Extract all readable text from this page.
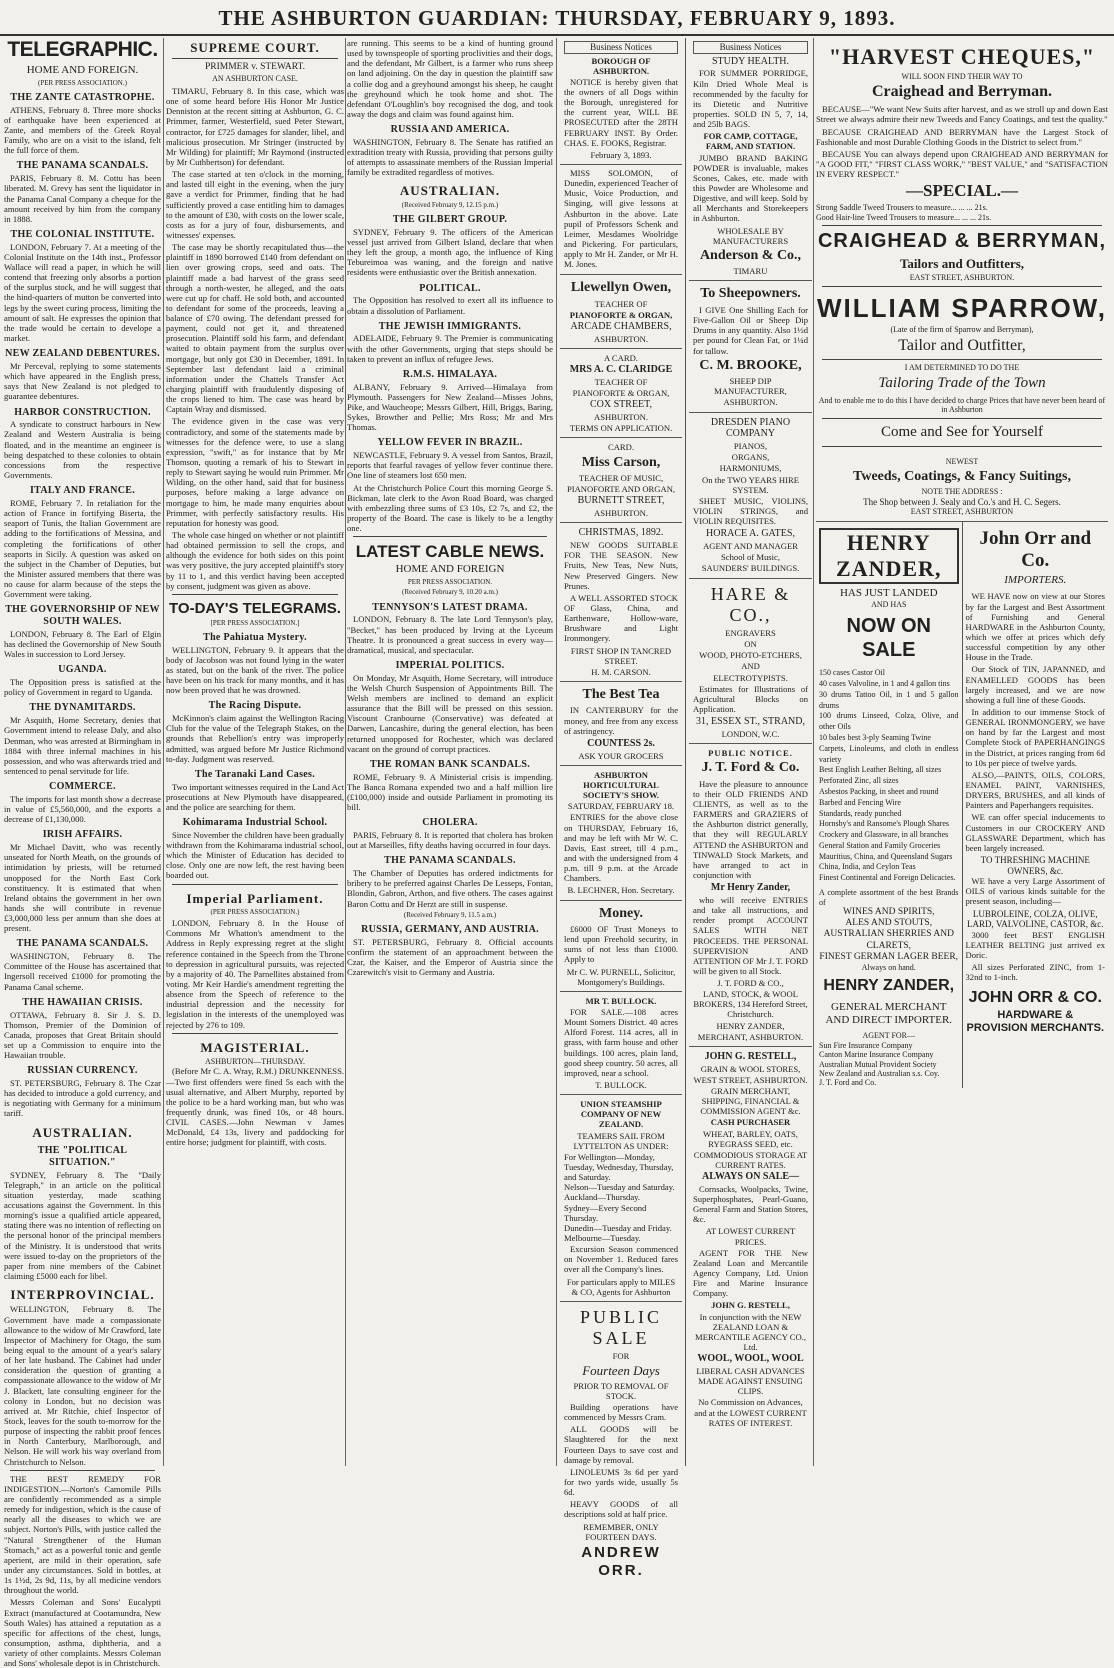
THE ASHBURTON GUARDIAN: THURSDAY, FEBRUARY 9, 1893.
TELEGRAPHIC.
HOME AND FOREIGN.
(PER PRESS ASSOCIATION.)
THE ZANTE CATASTROPHE.

ATHENS, February 8. Three more shocks of earthquake have been experienced at Zante, and members of the Greek Royal Family, who are on a visit to the island, felt the full force of them.

THE PANAMA SCANDALS.

PARIS, February 8. M. Cottu has been liberated. M. Grevy has sent the liquidator in the Panama Canal Company a cheque for the amount received by him from the company in 1888.

THE COLONIAL INSTITUTE.

LONDON, February 7. At a meeting of the Colonial Institute on the 14th inst., Professor Wallace will read a paper, in which he will contend that freezing only absorbs a portion of the surplus stock, and he will suggest that the hind-quarters of mutton be converted into legs by the sweet curing process, limiting the amount of salt. He expresses the opinion that the trade would be certain to develope a market.

NEW ZEALAND DEBENTURES.

Mr Perceval, replying to some statements which have appeared in the English press, says that New Zealand is not pledged to guarantee debentures.

HARBOR CONSTRUCTION.

A syndicate to construct harbours in New Zealand and Western Australia is being floated, and in the meantime an engineer is being despatched to these colonies to obtain concessions from the respective Governments.

ITALY AND FRANCE.

ROME, February 7. In retaliation for the action of France in fortifying Biserta, the seaport of Tunis, the Italian Government are adding to the fortifications of Messina, and completing the fortifications of other seaports in Sicily. A question was asked on the subject in the Chamber of Deputies, but the Minister assured members that there was no cause for alarm because of the steps the Government were taking.

THE GOVERNORSHIP OF NEW SOUTH WALES.

LONDON, February 8. The Earl of Elgin has declined the Governorship of New South Wales in succession to Lord Jersey.

UGANDA.

The Opposition press is satisfied at the policy of Government in regard to Uganda.

THE DYNAMITARDS.

Mr Asquith, Home Secretary, denies that Government intend to release Daly, and also Denman, who was arrested at Birmingham in 1884 with three infernal machines in his possession, and who was afterwards tried and sentenced to penal servitude for life.

COMMERCE.

The imports for last month show a decrease in value of £5,560,000, and the exports a decrease of £1,130,000.

IRISH AFFAIRS.

Mr Michael Davitt, who was recently unseated for North Meath, on the grounds of intimidation by priests, will be returned unopposed for the North East Cork constituency. It is estimated that when Ireland obtains the government in her own hands she will contribute in revenue £3,000,000 less per annum than she does at present.

THE PANAMA SCANDALS.

WASHINGTON, February 8. The Committee of the House has ascertained that Ingersoll received £1000 for promoting the Panama Canal scheme.

THE HAWAIIAN CRISIS.

OTTAWA, February 8. Sir J. S. D. Thomson, Premier of the Dominion of Canada, proposes that Great Britain should set up a Commission to enquire into the Hawaiian trouble.

RUSSIAN CURRENCY.

ST. PETERSBURG, February 8. The Czar has decided to introduce a gold currency, and is negotiating with Germany for a minimum tariff.

AUSTRALIAN.
THE "POLITICAL SITUATION."

SYDNEY, February 8. The "Daily Telegraph," in an article on the political situation yesterday, made scathing accusations against the Government. In this morning's issue a qualified article appeared, stating there was no intention of reflecting on the personal honor of the principal members of the Ministry. It is understood that writs were issued to-day on the proprietors of the paper from nine members of the Cabinet claiming £5000 each for libel.

INTERPROVINCIAL.

WELLINGTON, February 8. The Government have made a compassionate allowance to the widow of Mr Crawford, late Inspector of Machinery for Otago, the sum being equal to the amount of a year's salary of her late husband. The Cabinet had under consideration the question of granting a compassionate allowance to the widow of Mr J. Blackett, late consulting engineer for the colony in London, but no decision was arrived at. Mr Ritchie, chief Inspector of Stock, leaves for the south to-morrow for the purpose of inspecting the rabbit proof fences in North Canterbury, Marlborough, and Nelson. He will work his way overland from Christchurch to Nelson.

THE BEST REMEDY FOR INDIGESTION.—Norton's Camomile Pills are confidently recommended as a simple remedy for indigestion, which is the cause of nearly all the diseases to which we are subject. Norton's Pills, with justice called the "Natural Strengthener of the Human Stomach," act as a powerful tonic and gentle aperient, are mild in their operation, safe under any circumstances. Sold in bottles, at 1s 1½d, 2s 9d, 11s, by all medicine vendors throughout the world.

Messrs Coleman and Sons' Eucalypti Extract (manufactured at Cootamundra, New South Wales) has attained a reputation as a specific for affections of the chest, lungs, consumption, asthma, diphtheria, and a variety of other complaints. Messrs Coleman and Sons' wholesale depot is in Christchurch.

SUPREME COURT.
PRIMMER v. STEWART.
AN ASHBURTON CASE.

TIMARU, February 8. In this case, which was one of some heard before His Honor Mr Justice Denniston at the recent sitting at Ashburton, G. C. Primmer, farmer, Westerfield, sued Peter Stewart, contractor, for £725 damages for slander, libel, and malicious prosecution. Mr Stringer (instructed by Mr Wilding) for plaintiff; Mr Raymond (instructed by Mr Cuthbertson) for defendant.

The case started at ten o'clock in the morning, and lasted till eight in the evening, when the jury gave a verdict for Primmer, finding that he had sufficiently proved a case entitling him to damages to the amount of £30, with costs on the lower scale, costs as for a jury of four, disbursements, and witnesses' expenses.

The case may be shortly recapitulated thus—the plaintiff in 1890 borrowed £140 from defendant on lien over growing crops, seed and oats. The plaintiff made a bad harvest of the grass seed through a north-wester, he alleged, and the oats were cut up for chaff. He sold both, and accounted to defendant for some of the proceeds, leaving a balance of £70 owing. The defendant pressed for payment, could not get it, and threatened prosecution. Plaintiff sold his farm, and defendant waited to obtain payment from the surplus over mortgage, but only got £30 in December, 1891. In September last defendant laid a criminal information under the Chattels Transfer Act charging plaintiff with fraudulently disposing of the crops liened to him. The case was heard by Captain Wray and dismissed.

The evidence given in the case was very contradictory, and some of the statements made by witnesses for the defence were, to use a slang expression, "swift," as for instance that by Mr Thomson, quoting a remark of his to Stewart in reply to Stewart saying he would ruin Primmer. Mr Wilding, on the other hand, said that for business purposes, before making a large advance on mortgage to him, he made many enquiries about Primmer, with perfectly satisfactory results. His reputation for honesty was good.

The whole case hinged on whether or not plaintiff had obtained permission to sell the crops, and although the evidence for both sides on this point was very positive, the jury accepted plaintiff's story by 11 to 1, and this verdict having been accepted by consent, judgment was given as above.

TO-DAY'S TELEGRAMS.
[PER PRESS ASSOCIATION.]
The Pahiatua Mystery.

WELLINGTON, February 9. It appears that the body of Jacobson was not found lying in the water as stated, but on the bank of the river. The police have been on his track for many months, and it has now been proved that he was drowned.

The Racing Dispute.

McKinnon's claim against the Wellington Racing Club for the value of the Telegraph Stakes, on the grounds that Rebellion's entry was improperly admitted, was argued before Mr Justice Richmond to-day. Judgment was reserved.

The Taranaki Land Cases.

Two important witnesses required in the Land Act prosecutions at New Plymouth have disappeared, and the police are searching for them.

Kohimarama Industrial School.

Since November the children have been gradually withdrawn from the Kohimarama industrial school, which the Minister of Education has decided to close. Only one are now left, the rest having been boarded out.

Imperial Parliament.
(PER PRESS ASSOCIATION.)

LONDON, February 8. In the House of Commons Mr Whatton's amendment to the Address in Reply expressing regret at the slight reference contained in the Speech from the Throne to depression in agricultural pursuits, was rejected by a majority of 40. The Parnellites abstained from voting. Mr Keir Hardie's amendment regretting the absence from the Speech of reference to the industrial depression and the necessity for legislation in the interests of the unemployed was rejected by 276 to 109.

MAGISTERIAL.
ASHBURTON—THURSDAY.

(Before Mr C. A. Wray, R.M.) DRUNKENNESS.—Two first offenders were fined 5s each with the usual alternative, and Albert Murphy, reported by the police to be a hard working man, but who was frequently drunk, was fined 10s, or 48 hours. CIVIL CASES.—John Newman v James McDonald, £4 13s, livery and paddocking for entire horse; judgment for plaintiff, with costs.

are running. This seems to be a kind of hunting ground used by townspeople of sporting proclivities and their dogs, and the defendant, Mr Gilbert, is a farmer who runs sheep on land adjoining. On the day in question the plaintiff saw a collie dog and a greyhound amongst his sheep, he caught the greyhound which he took home and shot. The defendant O'Loughlin's boy recognised the dog, and took away the dogs and claim was found against him.

RUSSIA AND AMERICA.

WASHINGTON, February 8. The Senate has ratified an extradition treaty with Russia, providing that persons guilty of attempts to assassinate members of the Russian Imperial family be extradited regardless of motives.

AUSTRALIAN.
(Received February 9, 12.15 p.m.)
THE GILBERT GROUP.

SYDNEY, February 9. The officers of the American vessel just arrived from Gilbert Island, declare that when they left the group, a month ago, the influence of King Tebureimoa was waning, and the foreign and native residents were enthusiastic over the British annexation.

POLITICAL.

The Opposition has resolved to exert all its influence to obtain a dissolution of Parliament.

THE JEWISH IMMIGRANTS.

ADELAIDE, February 9. The Premier is communicating with the other Governments, urging that steps should be taken to prevent an influx of refugee Jews.

R.M.S. HIMALAYA.

ALBANY, February 9. Arrived—Himalaya from Plymouth. Passengers for New Zealand—Misses Johns, Pike, and Waucheope; Messrs Gilbert, Hill, Briggs, Baring, Sykes, Browther and Pellie; Mrs Ross; Mr and Mrs Thomas.

YELLOW FEVER IN BRAZIL.

NEWCASTLE, February 9. A vessel from Santos, Brazil, reports that fearful ravages of yellow fever continue there. One line of steamers lost 650 men.

At the Christchurch Police Court this morning George S. Bickman, late clerk to the Avon Road Board, was charged with embezzling three sums of £3 10s, £2 7s, and £2, the property of the Board. The case is likely to be a lengthy one.

LATEST CABLE NEWS.
HOME AND FOREIGN
PER PRESS ASSOCIATION.
(Received February 9, 10.20 a.m.)
TENNYSON'S LATEST DRAMA.

LONDON, February 8. The late Lord Tennyson's play, "Becket," has been produced by Irving at the Lyceum Theatre. It is pronounced a great success in every way—dramatical, musical, and spectacular.

IMPERIAL POLITICS.

On Monday, Mr Asquith, Home Secretary, will introduce the Welsh Church Suspension of Appointments Bill. The Welsh members are inclined to demand an explicit assurance that the Bill will be pressed on this session. Viscount Cranbourne (Conservative) was defeated at Darwen, Lancashire, during the general election, has been returned unopposed for Rochester, which was declared vacant on the ground of corrupt practices.

THE ROMAN BANK SCANDALS.

ROME, February 9. A Ministerial crisis is impending. The Banca Romana expended two and a half million lire (£100,000) inside and outside Parliament in promoting its bill.

CHOLERA.

PARIS, February 8. It is reported that cholera has broken out at Marseilles, fifty deaths having occurred in four days.

THE PANAMA SCANDALS.

The Chamber of Deputies has ordered indictments for bribery to be preferred against Charles De Lesseps, Fontan, Blondin, Gabron, Arthon, and five others. The cases against Baron Cottu and Dr Herzt are still in suspense.

(Received February 9, 11.5 a.m.)
RUSSIA, GERMANY, AND AUSTRIA.

ST. PETERSBURG, February 8. Official accounts confirm the statement of an approachment between the Czar, the Kaiser, and the Emperor of Austria since the Czarewitch's visit to Germany and Austria.

Business Notices
BOROUGH OF ASHBURTON.

NOTICE is hereby given that the owners of all Dogs within the Borough, unregistered for the current year, WILL BE PROSECUTED after the 28TH FEBRUARY INST. By Order. CHAS. E. FOOKS, Registrar.

February 3, 1893.

MISS SOLOMON, of Dunedin, experienced Teacher of Music, Voice Production, and Singing, will give lessons at Ashburton in the above. Late pupil of Professors Schenk and Leimer, Mesdames Woolridge and Pickering. For particulars, apply to Mr H. Zander, or Mr H. M. Jones.

Llewellyn Owen,
TEACHER OF
PIANOFORTE & ORGAN,
ARCADE CHAMBERS,
ASHBURTON.
A CARD.
MRS A. C. CLARIDGE
TEACHER OF
PIANOFORTE & ORGAN,
COX STREET,
ASHBURTON.
TERMS ON APPLICATION.
CARD.
Miss Carson,
TEACHER OF MUSIC,
PIANOFORTE AND ORGAN,
BURNETT STREET,
ASHBURTON.
CHRISTMAS, 1892.

NEW GOODS SUITABLE FOR THE SEASON. New Fruits, New Teas, New Nuts, New Preserved Gingers. New Prunes.

A WELL ASSORTED STOCK OF Glass, China, and Earthenware, Hollow-ware, Brushware and Light Ironmongery.

FIRST SHOP IN TANCRED STREET.
H. M. CARSON.
The Best Tea

IN CANTERBURY for the money, and free from any excess of astringency.

COUNTESS 2s.
ASK YOUR GROCERS
ASHBURTON HORTICULTURAL SOCIETY'S SHOW.
SATURDAY, FEBRUARY 18.

ENTRIES for the above close on THURSDAY, February 16, and may be left with Mr W. C. Davis, East street, till 4 p.m., and with the undersigned from 4 p.m. till 9 p.m. at the Arcade Chambers.

B. LECHNER, Hon. Secretary.
Money.

£6000 OF Trust Moneys to lend upon Freehold security, in sums of not less than £1000. Apply to

Mr C. W. PURNELL, Solicitor, Montgomery's Buildings.
MR T. BULLOCK.

FOR SALE.—108 acres Mount Somers District. 40 acres Alford Forest. 114 acres, all in grass, with farm house and other buildings. 100 acres, plain land, good sheep country. 50 acres, all improved, near a school.

T. BULLOCK.
UNION STEAMSHIP COMPANY OF NEW ZEALAND.
TEAMERS SAIL FROM LYTTELTON AS UNDER:
For Wellington—Monday, Tuesday, Wednesday, Thursday, and Saturday.
Nelson—Tuesday and Saturday.
Auckland—Thursday.
Sydney—Every Second Thursday.
Dunedin—Tuesday and Friday.
Melbourne—Tuesday.

Excursion Season commenced on November 1. Reduced fares over all the Company's lines.

For particulars apply to MILES & CO, Agents for Ashburton
PUBLIC SALE
FOR
Fourteen Days
PRIOR TO REMOVAL OF STOCK.

Building operations have commenced by Messrs Cram.

ALL GOODS will be Slaughtered for the next Fourteen Days to save cost and damage by removal.

LINOLEUMS 3s 6d per yard for two yards wide, usually 5s 6d.

HEAVY GOODS of all descriptions sold at half price.

REMEMBER, ONLY FOURTEEN DAYS.
ANDREW ORR.
Business Notices
STUDY HEALTH.

FOR SUMMER PORRIDGE, Kiln Dried Whole Meal is recommended by the faculty for its Dietetic and Nutritive properties. SOLD IN 5, 7, 14, and 25lb BAGS.

FOR CAMP, COTTAGE, FARM, AND STATION.

JUMBO BRAND BAKING POWDER is invaluable, makes Scones, Cakes, etc. made with this Powder are Wholesome and Digestive, and will keep. Sold by all Merchants and Storekeepers in Ashburton.

WHOLESALE BY MANUFACTURERS
Anderson & Co.,
TIMARU
To Sheepowners.

I GIVE One Shilling Each for Five-Gallon Oil or Sheep Dip Drums in any quantity. Also 1½d per pound for Clean Fat, or 1¼d for tallow.

C. M. BROOKE,
SHEEP DIP MANUFACTURER,
ASHBURTON.
DRESDEN PIANO COMPANY
PIANOS,
ORGANS,
HARMONIUMS,
On the TWO YEARS HIRE SYSTEM.

SHEET MUSIC, VIOLINS, VIOLIN STRINGS, and VIOLIN REQUISITES.

HORACE A. GATES,
AGENT AND MANAGER
School of Music,
SAUNDERS' BUILDINGS.
HARE & CO.,
ENGRAVERS
ON
WOOD, PHOTO-ETCHERS,
AND
ELECTROTYPISTS.

Estimates for Illustrations of Agricultural Blocks on Application.

31, ESSEX ST., STRAND,
LONDON, W.C.
PUBLIC NOTICE.
J. T. Ford & Co.

Have the pleasure to announce to their OLD FRIENDS AND CLIENTS, as well as to the FARMERS and GRAZIERS of the Ashburton district generally, that they will REGULARLY ATTEND the ASHBURTON and TINWALD Stock Markets, and have arranged to act in conjunction with

Mr Henry Zander,

who will receive ENTRIES and take all instructions, and render prompt ACCOUNT SALES WITH NET PROCEEDS. THE PERSONAL SUPERVISION AND ATTENTION OF Mr J. T. FORD will be given to all Stock.

J. T. FORD & CO.,
LAND, STOCK, & WOOL BROKERS, 134 Hereford Street, Christchurch.
HENRY ZANDER,
MERCHANT, ASHBURTON.
JOHN G. RESTELL,
GRAIN & WOOL STORES,
WEST STREET, ASHBURTON.
GRAIN MERCHANT, SHIPPING, FINANCIAL & COMMISSION AGENT &c.
CASH PURCHASER
WHEAT, BARLEY, OATS, RYEGRASS SEED, etc.
COMMODIOUS STORAGE AT CURRENT RATES.
ALWAYS ON SALE—

Cornsacks, Woolpacks, Twine, Superphosphates, Pearl-Guano, General Farm and Station Stores, &c.

AT LOWEST CURRENT PRICES.

AGENT FOR THE New Zealand Loan and Mercantile Agency Company, Ltd. Union Fire and Marine Insurance Company.

JOHN G. RESTELL,
In conjunction with the NEW ZEALAND LOAN & MERCANTILE AGENCY CO., Ltd.
WOOL, WOOL, WOOL
LIBERAL CASH ADVANCES MADE AGAINST ENSUING CLIPS.
No Commission on Advances, and at the LOWEST CURRENT RATES OF INTEREST.
"HARVEST CHEQUES,"
WILL SOON FIND THEIR WAY TO
Craighead and Berryman.

BECAUSE—"We want New Suits after harvest, and as we stroll up and down East Street we always admire their new Tweeds and Fancy Coatings, and test the quality."

BECAUSE CRAIGHEAD AND BERRYMAN have the Largest Stock of Fashionable and most Durable Clothing Goods in the District to select from."

BECAUSE You can always depend upon CRAIGHEAD AND BERRYMAN for "A GOOD FIT," "FIRST CLASS WORK," "BEST VALUE," and "SATISFACTION IN EVERY RESPECT."

—SPECIAL.—
Strong Saddle Tweed Trousers to measure... ... ... 21s.
Good Hair-line Tweed Trousers to measure... ... ... 21s.
CRAIGHEAD & BERRYMAN,
Tailors and Outfitters,
EAST STREET, ASHBURTON.
WILLIAM SPARROW,
(Late of the firm of Sparrow and Berryman),
Tailor and Outfitter,
I AM DETERMINED TO DO THE
Tailoring Trade of the Town
And to enable me to do this I have decided to charge Prices that have never been heard of in Ashburton
Come and See for Yourself
NEWEST
Tweeds, Coatings, & Fancy Suitings,
NOTE THE ADDRESS :
The Shop between J. Sealy and Co.'s and H. C. Segers.
EAST STREET, ASHBURTON
HENRY ZANDER,
HAS JUST LANDED
AND HAS
NOW ON SALE
150 cases Castor Oil
40 cases Valvoline, in 1 and 4 gallon tins
30 drums Tattoo Oil, in 1 and 5 gallon drums
100 drums Linseed, Colza, Olive, and other Oils
10 bales best 3-ply Seaming Twine
Carpets, Linoleums, and cloth in endless variety
Best English Leather Belting, all sizes
Perforated Zinc, all sizes
Asbestos Packing, in sheet and round
Barbed and Fencing Wire
Standards, ready punched
Hornsby's and Ransome's Plough Shares
Crockery and Glassware, in all branches
General Station and Family Groceries
Mauritius, China, and Queensland Sugars
China, India, and Ceylon Teas
Finest Continental and Foreign Delicacies.
A complete assortment of the best Brands of
WINES AND SPIRITS,
ALES AND STOUTS,
AUSTRALIAN SHERRIES AND CLARETS,
FINEST GERMAN LAGER BEER,
Always on hand.
HENRY ZANDER,
GENERAL MERCHANT
AND DIRECT IMPORTER.
AGENT FOR—
Sun Fire Insurance Company
Canton Marine Insurance Company
Australian Mutual Provident Society
New Zealand and Australian s.s. Coy.
J. T. Ford and Co.
John Orr and Co.
IMPORTERS.

WE HAVE now on view at our Stores by far the Largest and Best Assortment of Furnishing and General HARDWARE in the Ashburton County, which we offer at prices which defy successful competition by any other House in the Trade.

Our Stock of TIN, JAPANNED, and ENAMELLED GOODS has been largely increased, and we are now showing a full line of these Goods.

In addition to our immense Stock of GENERAL IRONMONGERY, we have on hand by far the Largest and most Complete Stock of PAPERHANGINGS in the District, at prices ranging from 6d to 10s per piece of twelve yards.

ALSO,—PAINTS, OILS, COLORS, ENAMEL PAINT, VARNISHES, DRYERS, BRUSHES, and all kinds of Painters and Paperhangers requisites.

WE can offer special inducements to Customers in our CROCKERY AND GLASSWARE Department, which has been largely increased.

TO THRESHING MACHINE OWNERS, &c.

WE have a very Large Assortment of OILS of various kinds suitable for the present season, including—

LUBROLEINE, COLZA, OLIVE, LARD, VALVOLINE, CASTOR, &c.

3000 feet BEST ENGLISH LEATHER BELTING just arrived ex Doric.

All sizes Perforated ZINC, from 1-32nd to 1-inch.

JOHN ORR & CO.
HARDWARE & PROVISION MERCHANTS.
